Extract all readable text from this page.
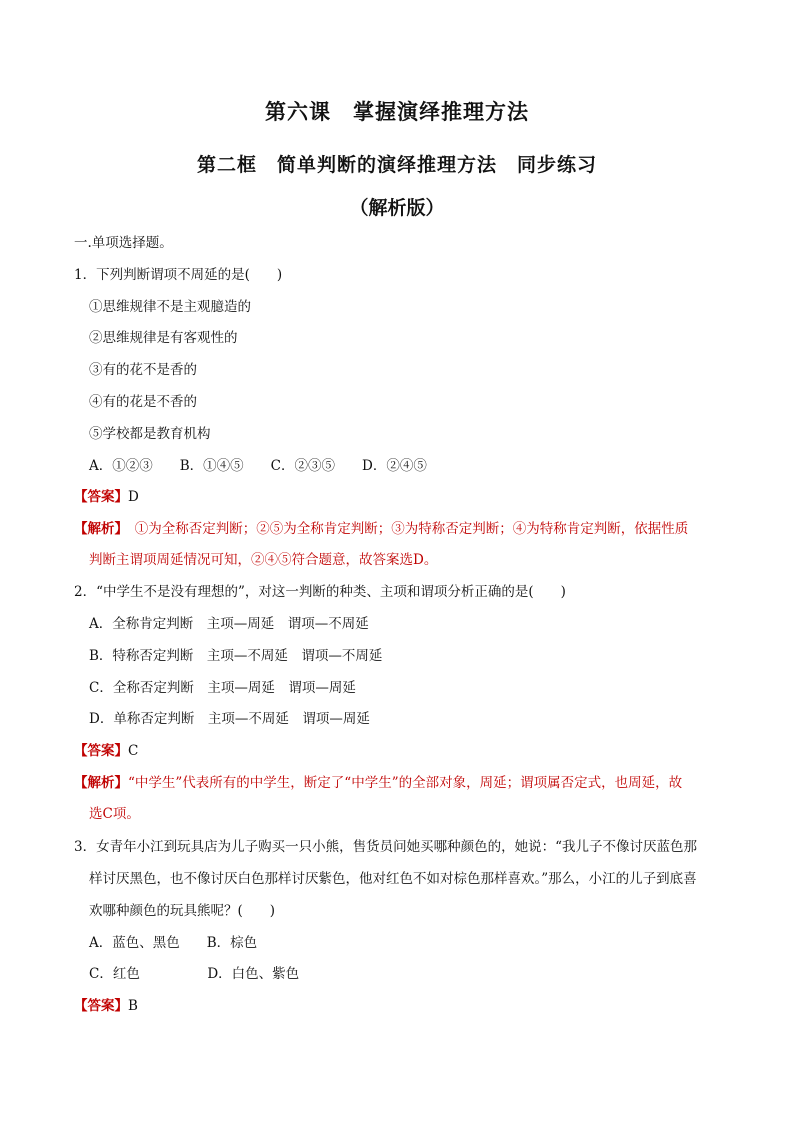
第六课　掌握演绎推理方法
第二框　简单判断的演绎推理方法　同步练习
（解析版）
一.单项选择题。
1．下列判断谓项不周延的是(　　)
①思维规律不是主观臆造的
②思维规律是有客观性的
③有的花不是香的
④有的花是不香的
⑤学校都是教育机构
A．①②③　　B．①④⑤　　C．②③⑤　　D．②④⑤
【答案】D
【解析】　①为全称否定判断；②⑤为全称肯定判断；③为特称否定判断；④为特称肯定判断，依据性质
判断主谓项周延情况可知，②④⑤符合题意，故答案选D。
2．“中学生不是没有理想的”，对这一判断的种类、主项和谓项分析正确的是(　　)
A．全称肯定判断　主项—周延　谓项—不周延
B．特称否定判断　主项—不周延　谓项—不周延
C．全称否定判断　主项—周延　谓项—周延
D．单称否定判断　主项—不周延　谓项—周延
【答案】C
【解析】“中学生”代表所有的中学生，断定了“中学生”的全部对象，周延；谓项属否定式，也周延，故
选C项。
3．女青年小江到玩具店为儿子购买一只小熊，售货员问她买哪种颜色的，她说：“我儿子不像讨厌蓝色那
样讨厌黑色，也不像讨厌白色那样讨厌紫色，他对红色不如对棕色那样喜欢。”那么，小江的儿子到底喜
欢哪种颜色的玩具熊呢？(　　)
A．蓝色、黑色　　B．棕色
C．红色　　　　　D．白色、紫色
【答案】B
